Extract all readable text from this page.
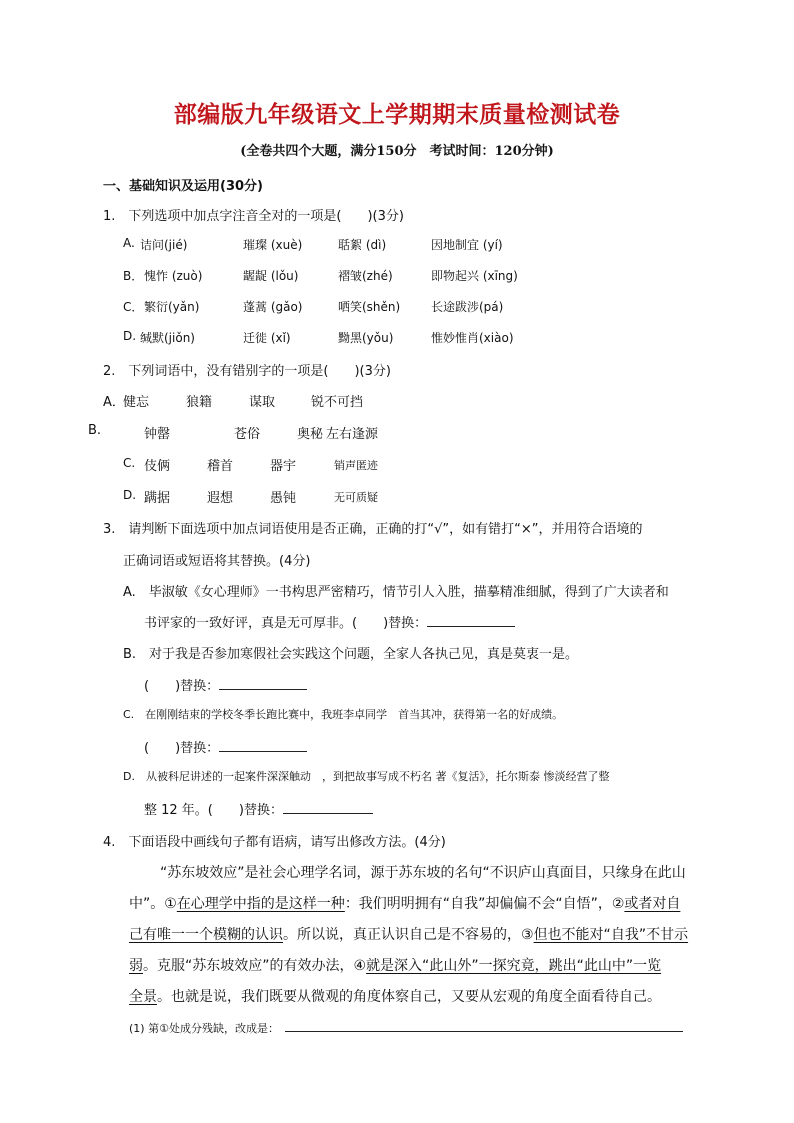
部编版九年级语文上学期期末质量检测试卷
(全卷共四个大题，满分150分　考试时间：120分钟)
一、基础知识及运用(30分)
1.　下列选项中加点字注音全对的一项是(　　)(3分)
A. 诘问(jié)	璀璨 (xuè)	聒絮 (dì)	因地制宜 (yí)
B． 愧怍 (zuò)	龌龊 (lǒu)	褶皱(zhé)	即物起兴 (xīng)
C． 繁衍(yǎn)	蓬蒿 (gǎo)	哂笑(shěn)	长途跋涉(pá)
D. 缄默(jiǒn)	迁徙 (xǐ)	黝黑(yǒu)	惟妙惟肖(xiào)
2.　下列词语中，没有错别字的一项是(　　)(3分)
A．
健忘	狼籍	谋取	锐不可挡
B.	钟罄	苍俗	奥秘 左右逢源
C. 伎俩	稽首	器宇	销声匿迹
D. 蹒据	遐想	愚钝	无可质疑
3.　请判断下面选项中加点词语使用是否正确，正确的打“√”，如有错打“×”，并用符合语境的
正确词语或短语将其替换。(4分)
A.　毕淑敏《女心理师》一书构思严密精巧，情节引人入胜，描摹精准细腻，得到了广大读者和
书评家的一致好评，真是无可厚非。(　　)替换：
B.　对于我是否参加寒假社会实践这个问题，全家人各执己见，真是莫衷一是。
(　　)替换：
C.　在刚刚结束的学校冬季长跑比赛中，我班李卓同学　首当其冲，获得第一名的好成绩。
(　　)替换：
D.　从被科尼讲述的一起案件深深触动　，到把故事写成不朽名 著《复活》，托尔斯泰 惨淡经营了整
整 12 年。(　　)替换：
4.　下面语段中画线句子都有语病，请写出修改方法。(4分)
“苏东坡效应”是社会心理学名词，源于苏东坡的名句“不识庐山真面目，只缘身在此山
中”。①在心理学中指的是这样一种：我们明明拥有“自我”却偏偏不会“自悟”，②或者对自
己有唯一一个模糊的认识。所以说，真正认识自己是不容易的，③但也不能对“自我”不甘示
弱。克服“苏东坡效应”的有效办法，④就是深入“此山外”一探究竟，跳出“此山中”一览
全景。也就是说，我们既要从微观的角度体察自己，又要从宏观的角度全面看待自己。
(1) 第①处成分残缺，改成是：
